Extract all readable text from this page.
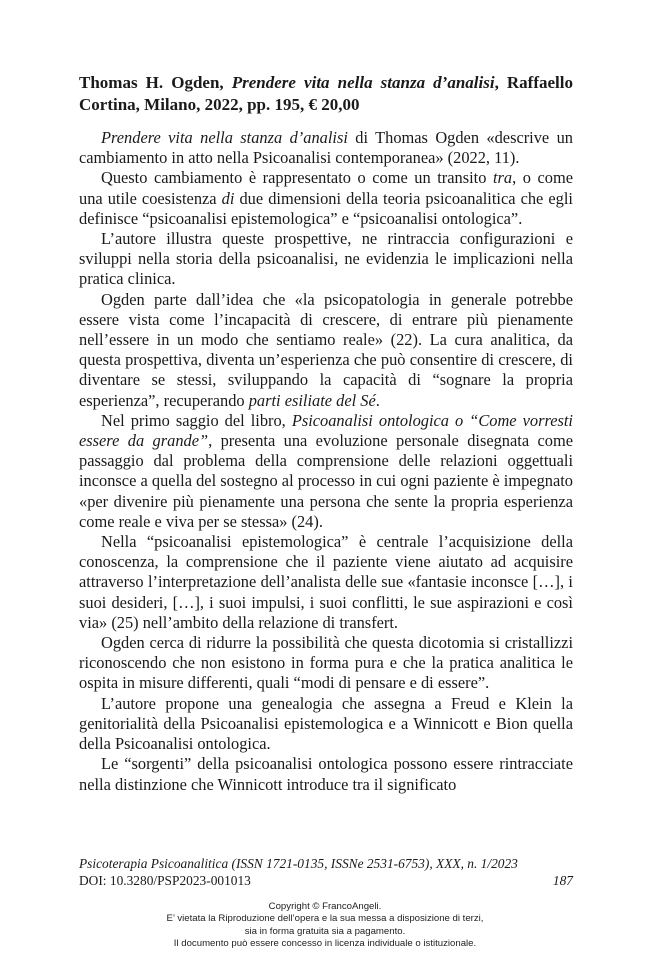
Thomas H. Ogden, Prendere vita nella stanza d’analisi, Raffaello Cortina, Milano, 2022, pp. 195, € 20,00

Prendere vita nella stanza d’analisi di Thomas Ogden «descrive un cambiamento in atto nella Psicoanalisi contemporanea» (2022, 11).

Questo cambiamento è rappresentato o come un transito tra, o come una utile coesistenza di due dimensioni della teoria psicoanalitica che egli definisce “psicoanalisi epistemologica” e “psicoanalisi ontologica”.

L’autore illustra queste prospettive, ne rintraccia configurazioni e sviluppi nella storia della psicoanalisi, ne evidenzia le implicazioni nella pratica clinica.

Ogden parte dall’idea che «la psicopatologia in generale potrebbe essere vista come l’incapacità di crescere, di entrare più pienamente nell’essere in un modo che sentiamo reale» (22). La cura analitica, da questa prospettiva, diventa un’esperienza che può consentire di crescere, di diventare se stessi, sviluppando la capacità di “sognare la propria esperienza”, recuperando parti esiliate del Sé.

Nel primo saggio del libro, Psicoanalisi ontologica o “Come vorresti essere da grande”, presenta una evoluzione personale disegnata come passaggio dal problema della comprensione delle relazioni oggettuali inconsce a quella del sostegno al processo in cui ogni paziente è impegnato «per divenire più pienamente una persona che sente la propria esperienza come reale e viva per se stessa» (24).

Nella “psicoanalisi epistemologica” è centrale l’acquisizione della conoscenza, la comprensione che il paziente viene aiutato ad acquisire attraverso l’interpretazione dell’analista delle sue «fantasie inconsce […], i suoi desideri, […], i suoi impulsi, i suoi conflitti, le sue aspirazioni e così via» (25) nell’ambito della relazione di transfert.

Ogden cerca di ridurre la possibilità che questa dicotomia si cristallizzi riconoscendo che non esistono in forma pura e che la pratica analitica le ospita in misure differenti, quali “modi di pensare e di essere”.

L’autore propone una genealogia che assegna a Freud e Klein la genitorialità della Psicoanalisi epistemologica e a Winnicott e Bion quella della Psicoanalisi ontologica.

Le “sorgenti” della psicoanalisi ontologica possono essere rintracciate nella distinzione che Winnicott introduce tra il significato

Psicoterapia Psicoanalitica (ISSN 1721-0135, ISSNe 2531-6753), XXX, n. 1/2023
DOI: 10.3280/PSP2023-001013	187
Copyright © FrancoAngeli.
E’ vietata la Riproduzione dell’opera e la sua messa a disposizione di terzi,
sia in forma gratuita sia a pagamento.
Il documento può essere concesso in licenza individuale o istituzionale.
